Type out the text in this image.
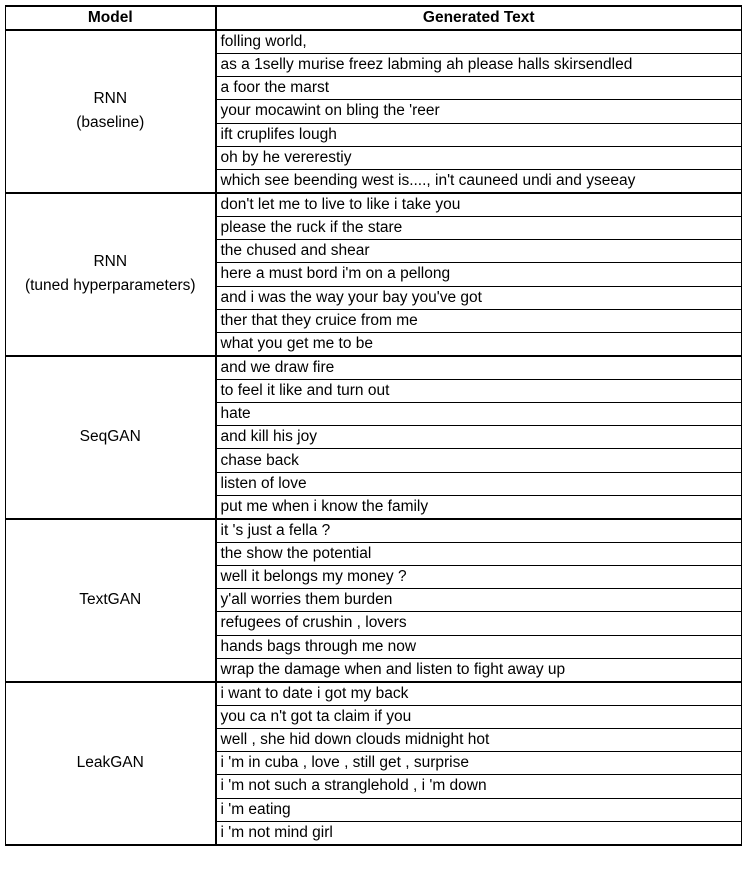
Model	Generated Text

RNN
(baseline)	folling world,
	as a 1selly murise freez labming ah please halls skirsendled
	a foor the marst
	your mocawint on bling the 'reer
	ift cruplifes lough
	oh by he vererestiy
	which see beending west is...., in't cauneed undi and yseeay

RNN
(tuned hyperparameters)	don't let me to live to like i take you
	please the ruck if the stare
	the chused and shear
	here a must bord i'm on a pellong
	and i was the way your bay you've got
	ther that they cruice from me
	what you get me to be

SeqGAN	and we draw fire
	to feel it like and turn out
	hate
	and kill his joy
	chase back
	listen of love
	put me when i know the family

TextGAN	it 's just a fella ?
	the show the potential
	well it belongs my money ?
	y'all worries them burden
	refugees of crushin , lovers
	hands bags through me now
	wrap the damage when and listen to fight away up

LeakGAN	i want to date i got my back
	you ca n't got ta claim if you
	well , she hid down clouds midnight hot
	i 'm in cuba , love , still get , surprise
	i 'm not such a stranglehold , i 'm down
	i 'm eating
	i 'm not mind girl
